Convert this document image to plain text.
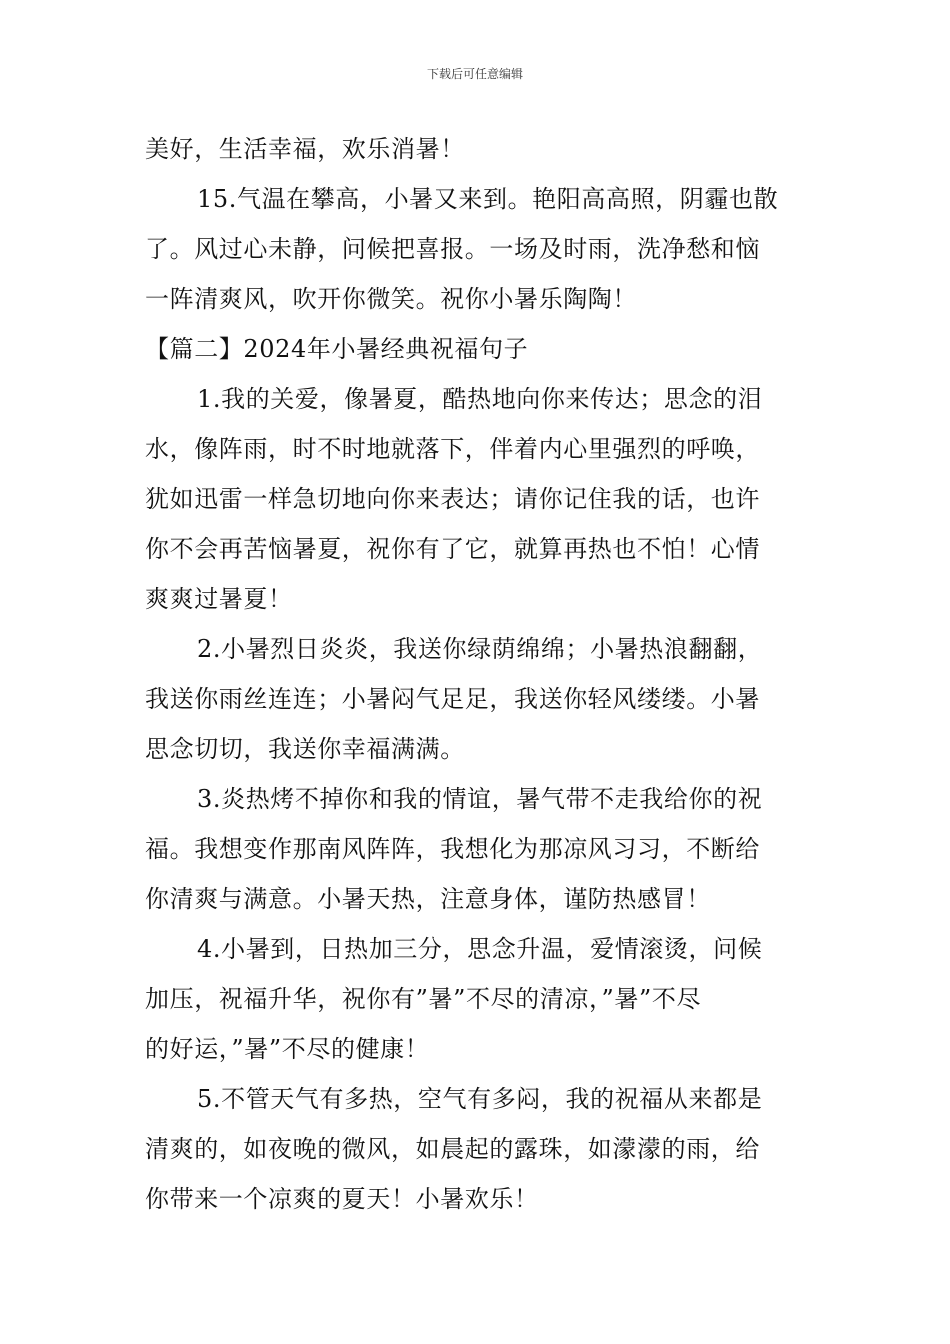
下载后可任意编辑
美好，生活幸福，欢乐消暑！
15.气温在攀高，小暑又来到。艳阳高高照，阴霾也散
了。风过心未静，问候把喜报。一场及时雨，洗净愁和恼
一阵清爽风，吹开你微笑。祝你小暑乐陶陶！
【篇二】2024年小暑经典祝福句子
1.我的关爱，像暑夏，酷热地向你来传达；思念的泪
水，像阵雨，时不时地就落下，伴着内心里强烈的呼唤，
犹如迅雷一样急切地向你来表达；请你记住我的话，也许
你不会再苦恼暑夏，祝你有了它，就算再热也不怕！心情
爽爽过暑夏！
2.小暑烈日炎炎，我送你绿荫绵绵；小暑热浪翻翻，
我送你雨丝连连；小暑闷气足足，我送你轻风缕缕。小暑
思念切切，我送你幸福满满。
3.炎热烤不掉你和我的情谊，暑气带不走我给你的祝
福。我想变作那南风阵阵，我想化为那凉风习习，不断给
你清爽与满意。小暑天热，注意身体，谨防热感冒！
4.小暑到，日热加三分，思念升温，爱情滚烫，问候
加压，祝福升华，祝你有”暑”不尽的清凉，”暑”不尽
的好运，”暑”不尽的健康！
5.不管天气有多热，空气有多闷，我的祝福从来都是
清爽的，如夜晚的微风，如晨起的露珠，如濛濛的雨，给
你带来一个凉爽的夏天！小暑欢乐！
